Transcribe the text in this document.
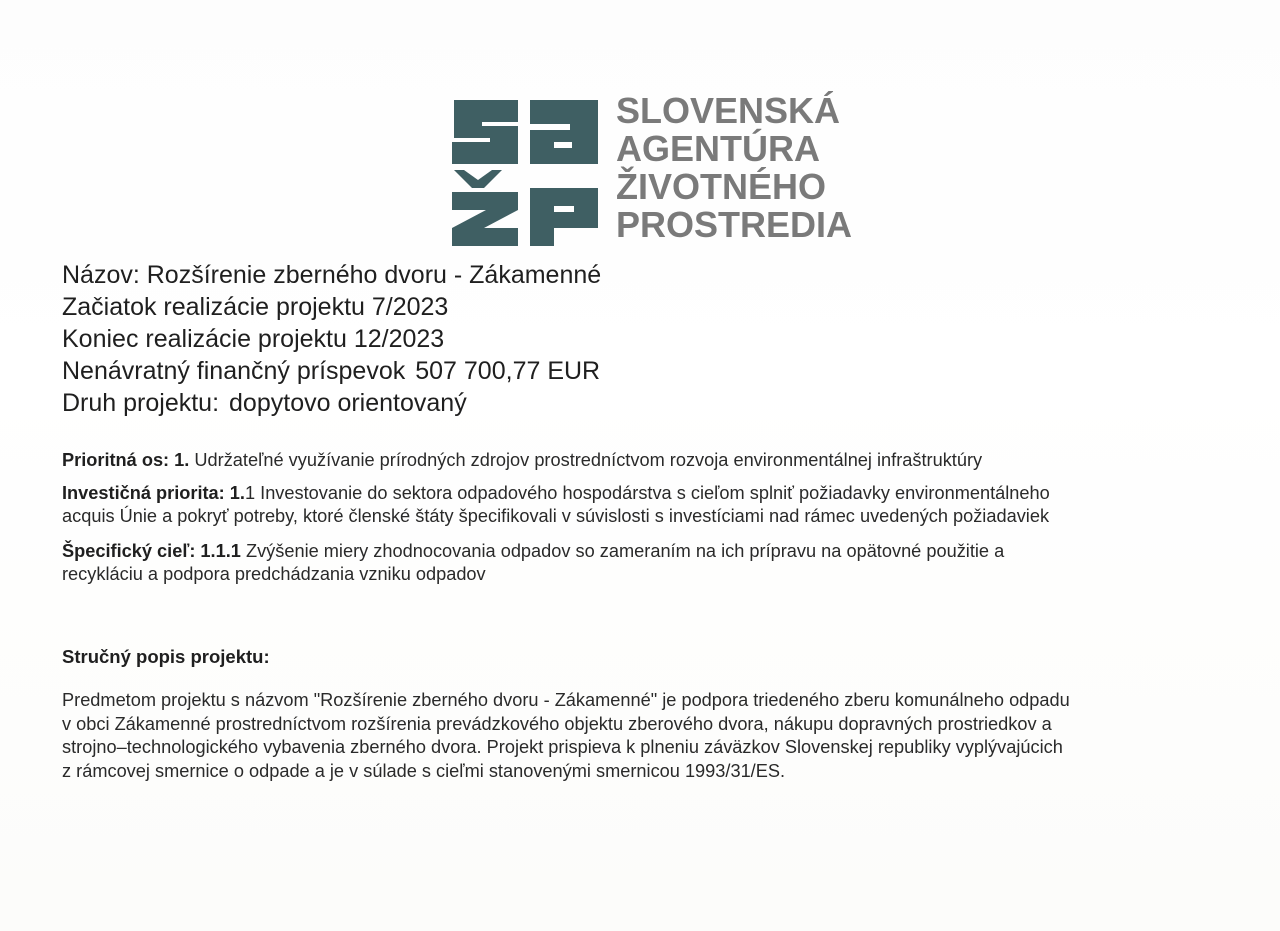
SLOVENSKÁ
AGENTÚRA
ŽIVOTNÉHO
PROSTREDIA
Názov: Rozšírenie zberného dvoru - Zákamenné
Začiatok realizácie projektu 7/2023
Koniec realizácie projektu 12/2023
Nenávratný finančný príspevok 507 700,77 EUR
Druh projektu: dopytovo orientovaný
Prioritná os: 1. Udržateľné využívanie prírodných zdrojov prostredníctvom rozvoja environmentálnej infraštruktúry
Investičná priorita: 1.1 Investovanie do sektora odpadového hospodárstva s cieľom splniť požiadavky environmentálneho
acquis Únie a pokryť potreby, ktoré členské štáty špecifikovali v súvislosti s investíciami nad rámec uvedených požiadaviek
Špecifický cieľ: 1.1.1 Zvýšenie miery zhodnocovania odpadov so zameraním na ich prípravu na opätovné použitie a
recykláciu a podpora predchádzania vzniku odpadov
Stručný popis projektu:
Predmetom projektu s názvom "Rozšírenie zberného dvoru - Zákamenné" je podpora triedeného zberu komunálneho odpadu
v obci Zákamenné prostredníctvom rozšírenia prevádzkového objektu zberového dvora, nákupu dopravných prostriedkov a
strojno–technologického vybavenia zberného dvora. Projekt prispieva k plneniu záväzkov Slovenskej republiky vyplývajúcich
z rámcovej smernice o odpade a je v súlade s cieľmi stanovenými smernicou 1993/31/ES.
